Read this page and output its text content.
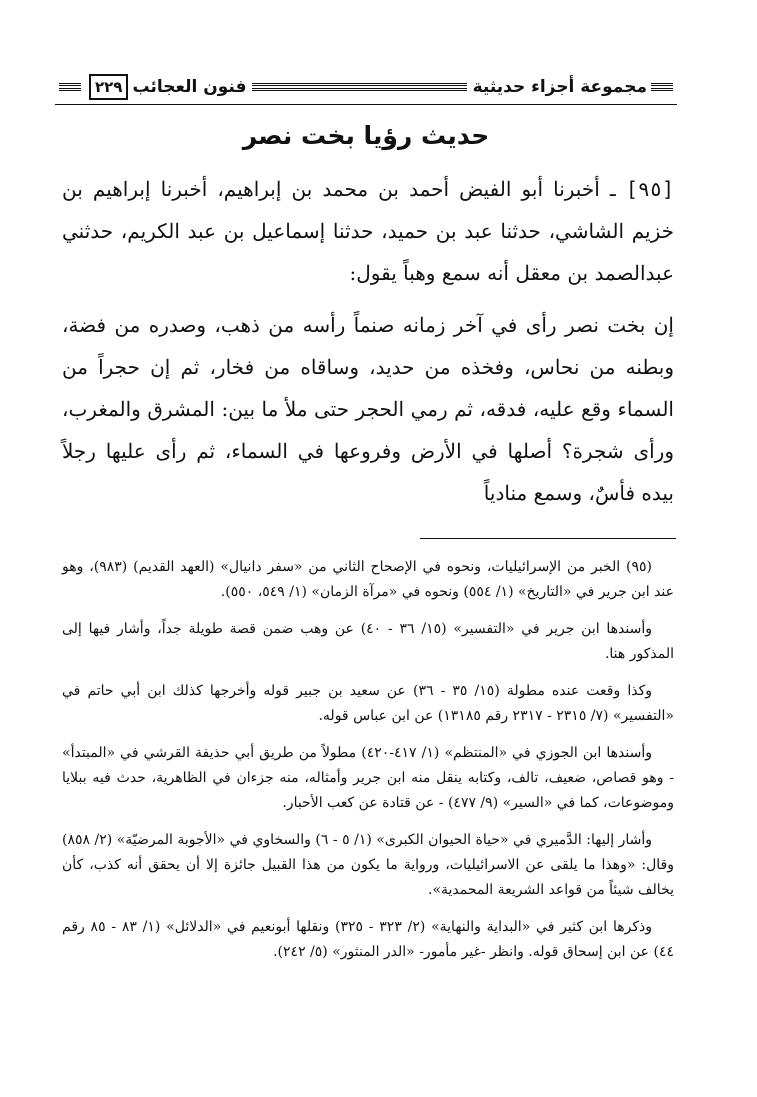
مجموعة أجزاء حديثية
فنون العجائب
٢٢٩
حديث رؤيا بخت نصر

[٩٥] ـ أخبرنا أبو الفيض أحمد بن محمد بن إبراهيم، أخبرنا إبراهيم بن خزيم الشاشي، حدثنا عبد بن حميد، حدثنا إسماعيل بن عبد الكريم، حدثني عبدالصمد بن معقل أنه سمع وهباً يقول:

إن بخت نصر رأى في آخر زمانه صنماً رأسه من ذهب، وصدره من فضة، وبطنه من نحاس، وفخذه من حديد، وساقاه من فخار، ثم إن حجراً من السماء وقع عليه، فدقه، ثم رمي الحجر حتى ملأ ما بين: المشرق والمغرب، ورأى شجرة؟ أصلها في الأرض وفروعها في السماء، ثم رأى عليها رجلاً بيده فأسٌ، وسمع منادياً

(٩٥) الخبر من الإسرائيليات، ونحوه في الإصحاح الثاني من «سفر دانيال» (العهد القديم) (٩٨٣)، وهو عند ابن جرير في «التاريخ» (١/ ٥٥٤) ونحوه في «مرآة الزمان» (١/ ٥٤٩، ٥٥٠).

وأسندها ابن جرير في «التفسير» (١٥/ ٣٦ - ٤٠) عن وهب ضمن قصة طويلة جداً، وأشار فيها إلى المذكور هنا.

وكذا وقعت عنده مطولة (١٥/ ٣٥ - ٣٦) عن سعيد بن جبير قوله وأخرجها كذلك ابن أبي حاتم في «التفسير» (٧/ ٢٣١٥ - ٢٣١٧ رقم ١٣١٨٥) عن ابن عباس قوله.

وأسندها ابن الجوزي في «المنتظم» (١/ ٤١٧-٤٢٠) مطولاً من طريق أبي حذيفة القرشي في «المبتدأ» - وهو قصاص، ضعيف، تالف، وكتابه ينقل منه ابن جرير وأمثاله، منه جزءان في الظاهرية، حدث فيه ببلايا وموضوعات، كما في «السير» (٩/ ٤٧٧) - عن قتادة عن كعب الأحبار.

وأشار إليها: الدَّميري في «حياة الحيوان الكبرى» (١/ ٥ - ٦) والسخاوي في «الأجوبة المرضيّة» (٢/ ٨٥٨) وقال: «وهذا ما يلقى عن الاسرائيليات، ورواية ما يكون من هذا القبيل جائزة إلا أن يحقق أنه كذب، كأن يخالف شيئاً من قواعد الشريعة المحمدية».

وذكرها ابن كثير في «البداية والنهاية» (٢/ ٣٢٣ - ٣٢٥) ونقلها أبونعيم في «الدلائل» (١/ ٨٣ - ٨٥ رقم ٤٤) عن ابن إسحاق قوله. وانظر -غير مأمور- «الدر المنثور» (٥/ ٢٤٢).
